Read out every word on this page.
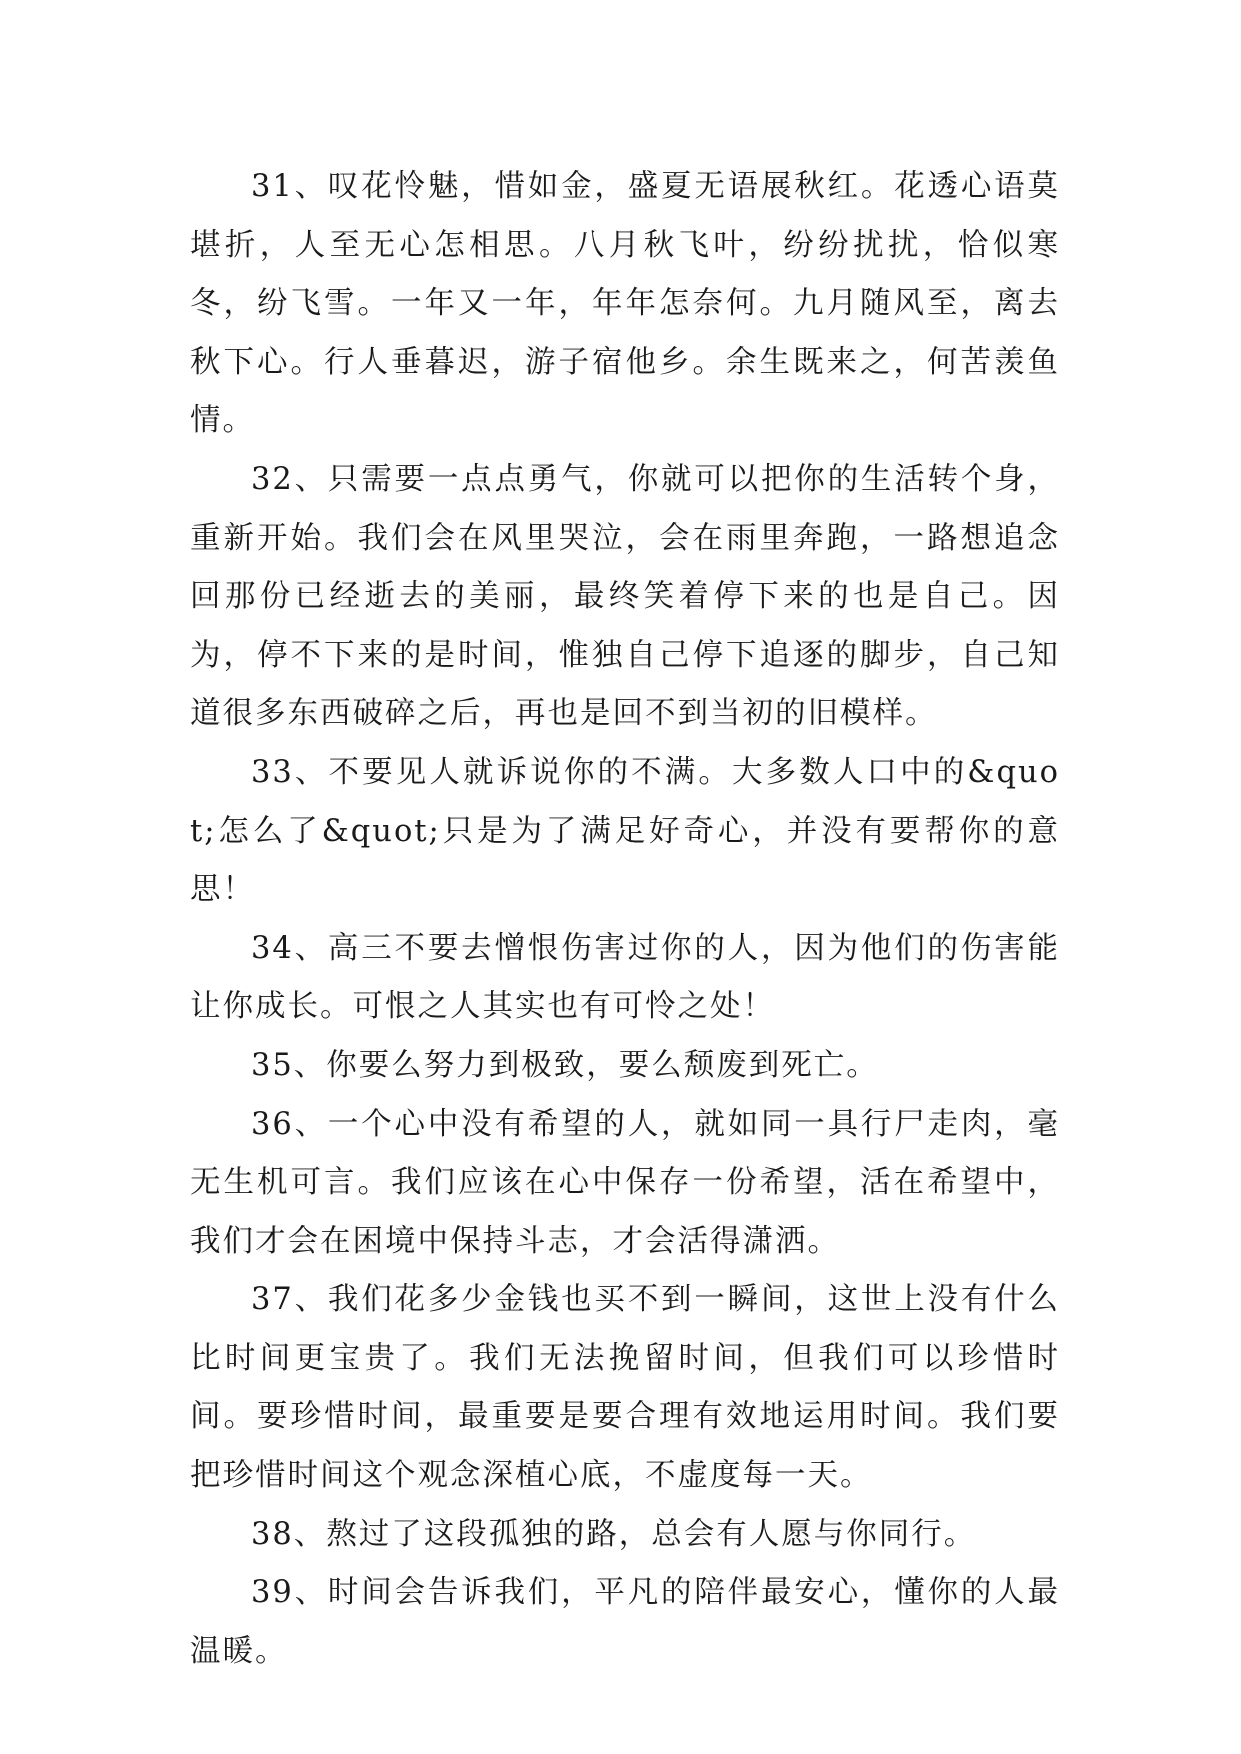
31、叹花怜魅，惜如金，盛夏无语展秋红。花透心语莫堪折，人至无心怎相思。八月秋飞叶，纷纷扰扰，恰似寒冬，纷飞雪。一年又一年，年年怎奈何。九月随风至，离去秋下心。行人垂暮迟，游子宿他乡。余生既来之，何苦羡鱼情。

32、只需要一点点勇气，你就可以把你的生活转个身，重新开始。我们会在风里哭泣，会在雨里奔跑，一路想追念回那份已经逝去的美丽，最终笑着停下来的也是自己。因为，停不下来的是时间，惟独自己停下追逐的脚步，自己知道很多东西破碎之后，再也是回不到当初的旧模样。

33、不要见人就诉说你的不满。大多数人口中的&quot;怎么了&quot;只是为了满足好奇心，并没有要帮你的意思！

34、高三不要去憎恨伤害过你的人，因为他们的伤害能让你成长。可恨之人其实也有可怜之处！

35、你要么努力到极致，要么颓废到死亡。

36、一个心中没有希望的人，就如同一具行尸走肉，毫无生机可言。我们应该在心中保存一份希望，活在希望中，我们才会在困境中保持斗志，才会活得潇洒。

37、我们花多少金钱也买不到一瞬间，这世上没有什么比时间更宝贵了。我们无法挽留时间，但我们可以珍惜时间。要珍惜时间，最重要是要合理有效地运用时间。我们要把珍惜时间这个观念深植心底，不虚度每一天。

38、熬过了这段孤独的路，总会有人愿与你同行。

39、时间会告诉我们，平凡的陪伴最安心，懂你的人最温暖。
